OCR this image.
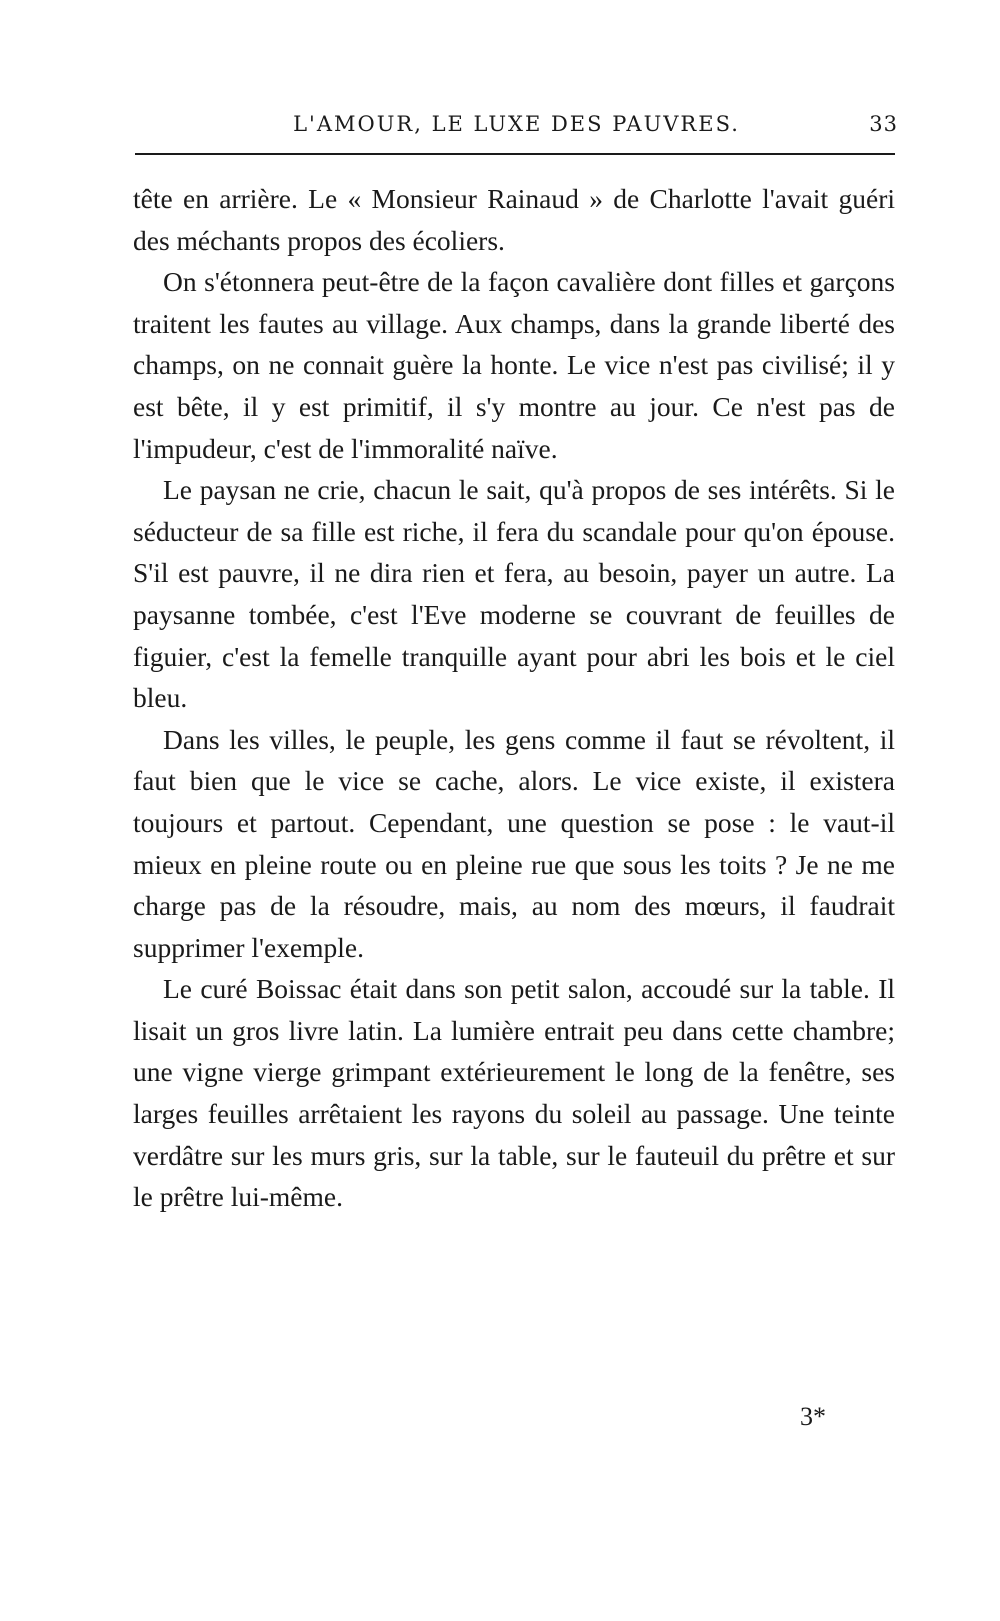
L'AMOUR, LE LUXE DES PAUVRES.	33

tête en arrière. Le « Monsieur Rainaud » de Charlotte l'avait guéri des méchants propos des écoliers.

On s'étonnera peut-être de la façon cavalière dont filles et garçons traitent les fautes au village. Aux champs, dans la grande liberté des champs, on ne connait guère la honte. Le vice n'est pas civilisé; il y est bête, il y est primitif, il s'y montre au jour. Ce n'est pas de l'impudeur, c'est de l'immoralité naïve.

Le paysan ne crie, chacun le sait, qu'à propos de ses intérêts. Si le séducteur de sa fille est riche, il fera du scandale pour qu'on épouse. S'il est pauvre, il ne dira rien et fera, au besoin, payer un autre. La paysanne tombée, c'est l'Eve moderne se couvrant de feuilles de figuier, c'est la femelle tranquille ayant pour abri les bois et le ciel bleu.

Dans les villes, le peuple, les gens comme il faut se révoltent, il faut bien que le vice se cache, alors. Le vice existe, il existera toujours et partout. Cependant, une question se pose : le vaut-il mieux en pleine route ou en pleine rue que sous les toits ? Je ne me charge pas de la résoudre, mais, au nom des mœurs, il faudrait supprimer l'exemple.

Le curé Boissac était dans son petit salon, accoudé sur la table. Il lisait un gros livre latin. La lumière entrait peu dans cette chambre; une vigne vierge grimpant extérieurement le long de la fenêtre, ses larges feuilles arrêtaient les rayons du soleil au passage. Une teinte verdâtre sur les murs gris, sur la table, sur le fauteuil du prêtre et sur le prêtre lui-même.

3*
